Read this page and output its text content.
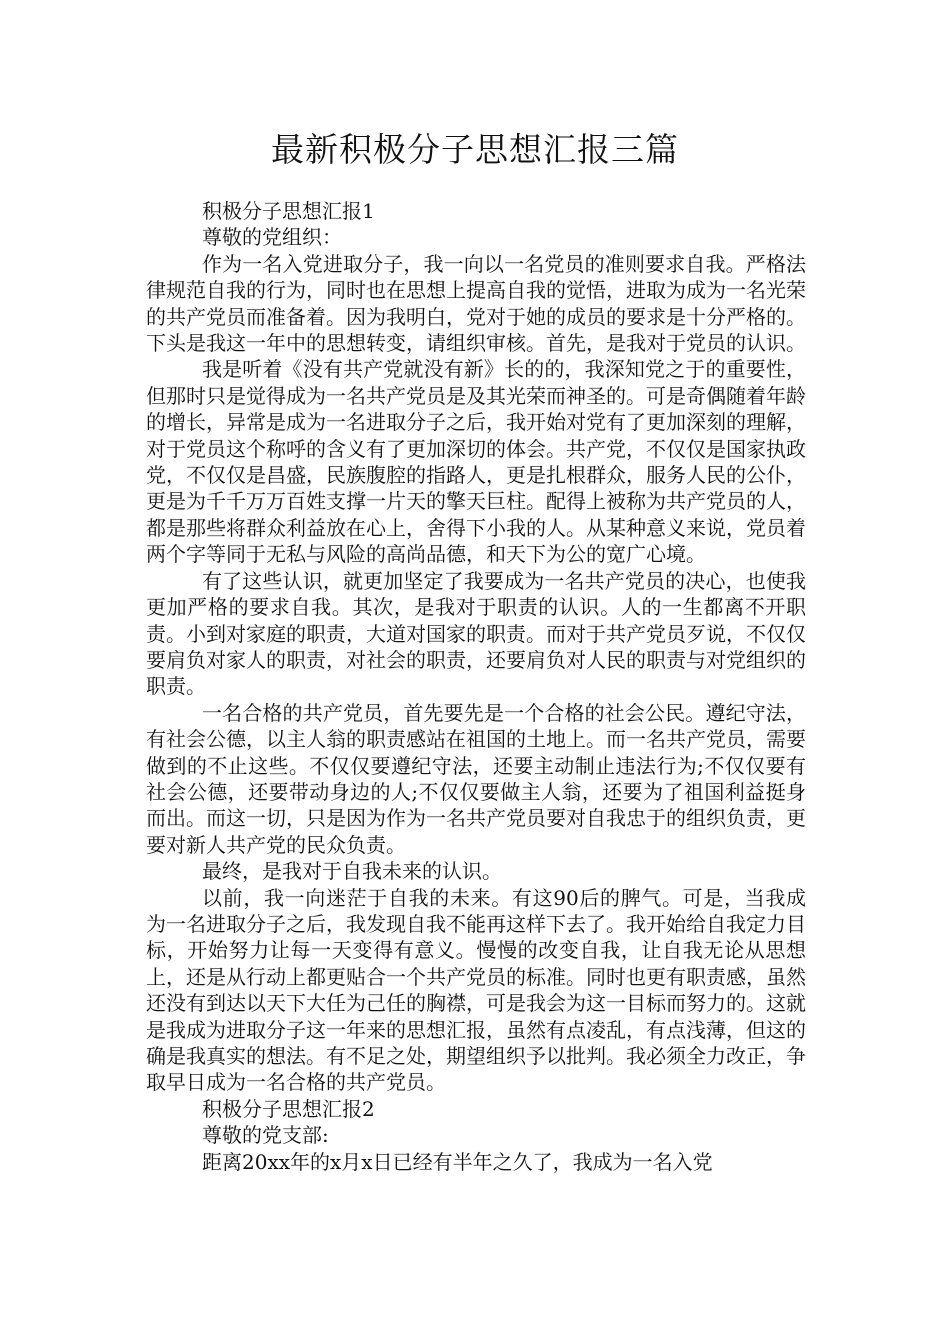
最新积极分子思想汇报三篇

积极分子思想汇报1

尊敬的党组织：

作为一名入党进取分子，我一向以一名党员的准则要求自我。严格法律规范自我的行为，同时也在思想上提高自我的觉悟，进取为成为一名光荣的共产党员而准备着。因为我明白，党对于她的成员的要求是十分严格的。下头是我这一年中的思想转变，请组织审核。首先，是我对于党员的认识。

我是听着《没有共产党就没有新》长的的，我深知党之于的重要性，但那时只是觉得成为一名共产党员是及其光荣而神圣的。可是奇偶随着年龄的增长，异常是成为一名进取分子之后，我开始对党有了更加深刻的理解，对于党员这个称呼的含义有了更加深切的体会。共产党，不仅仅是国家执政党，不仅仅是昌盛，民族腹腔的指路人，更是扎根群众，服务人民的公仆，更是为千千万万百姓支撑一片天的擎天巨柱。配得上被称为共产党员的人，都是那些将群众利益放在心上，舍得下小我的人。从某种意义来说，党员着两个字等同于无私与风险的高尚品德，和天下为公的宽广心境。

有了这些认识，就更加坚定了我要成为一名共产党员的决心，也使我更加严格的要求自我。其次，是我对于职责的认识。人的一生都离不开职责。小到对家庭的职责，大道对国家的职责。而对于共产党员歹说，不仅仅要肩负对家人的职责，对社会的职责，还要肩负对人民的职责与对党组织的职责。

一名合格的共产党员，首先要先是一个合格的社会公民。遵纪守法，有社会公德，以主人翁的职责感站在祖国的土地上。而一名共产党员，需要做到的不止这些。不仅仅要遵纪守法，还要主动制止违法行为;不仅仅要有社会公德，还要带动身边的人;不仅仅要做主人翁，还要为了祖国利益挺身而出。而这一切，只是因为作为一名共产党员要对自我忠于的组织负责，更要对新人共产党的民众负责。

最终，是我对于自我未来的认识。

以前，我一向迷茫于自我的未来。有这90后的脾气。可是，当我成为一名进取分子之后，我发现自我不能再这样下去了。我开始给自我定力目标，开始努力让每一天变得有意义。慢慢的改变自我，让自我无论从思想上，还是从行动上都更贴合一个共产党员的标准。同时也更有职责感，虽然还没有到达以天下大任为己任的胸襟，可是我会为这一目标而努力的。这就是我成为进取分子这一年来的思想汇报，虽然有点凌乱，有点浅薄，但这的确是我真实的想法。有不足之处，期望组织予以批判。我必须全力改正，争取早日成为一名合格的共产党员。

积极分子思想汇报2

尊敬的党支部:

距离20xx年的x月x日已经有半年之久了，我成为一名入党
